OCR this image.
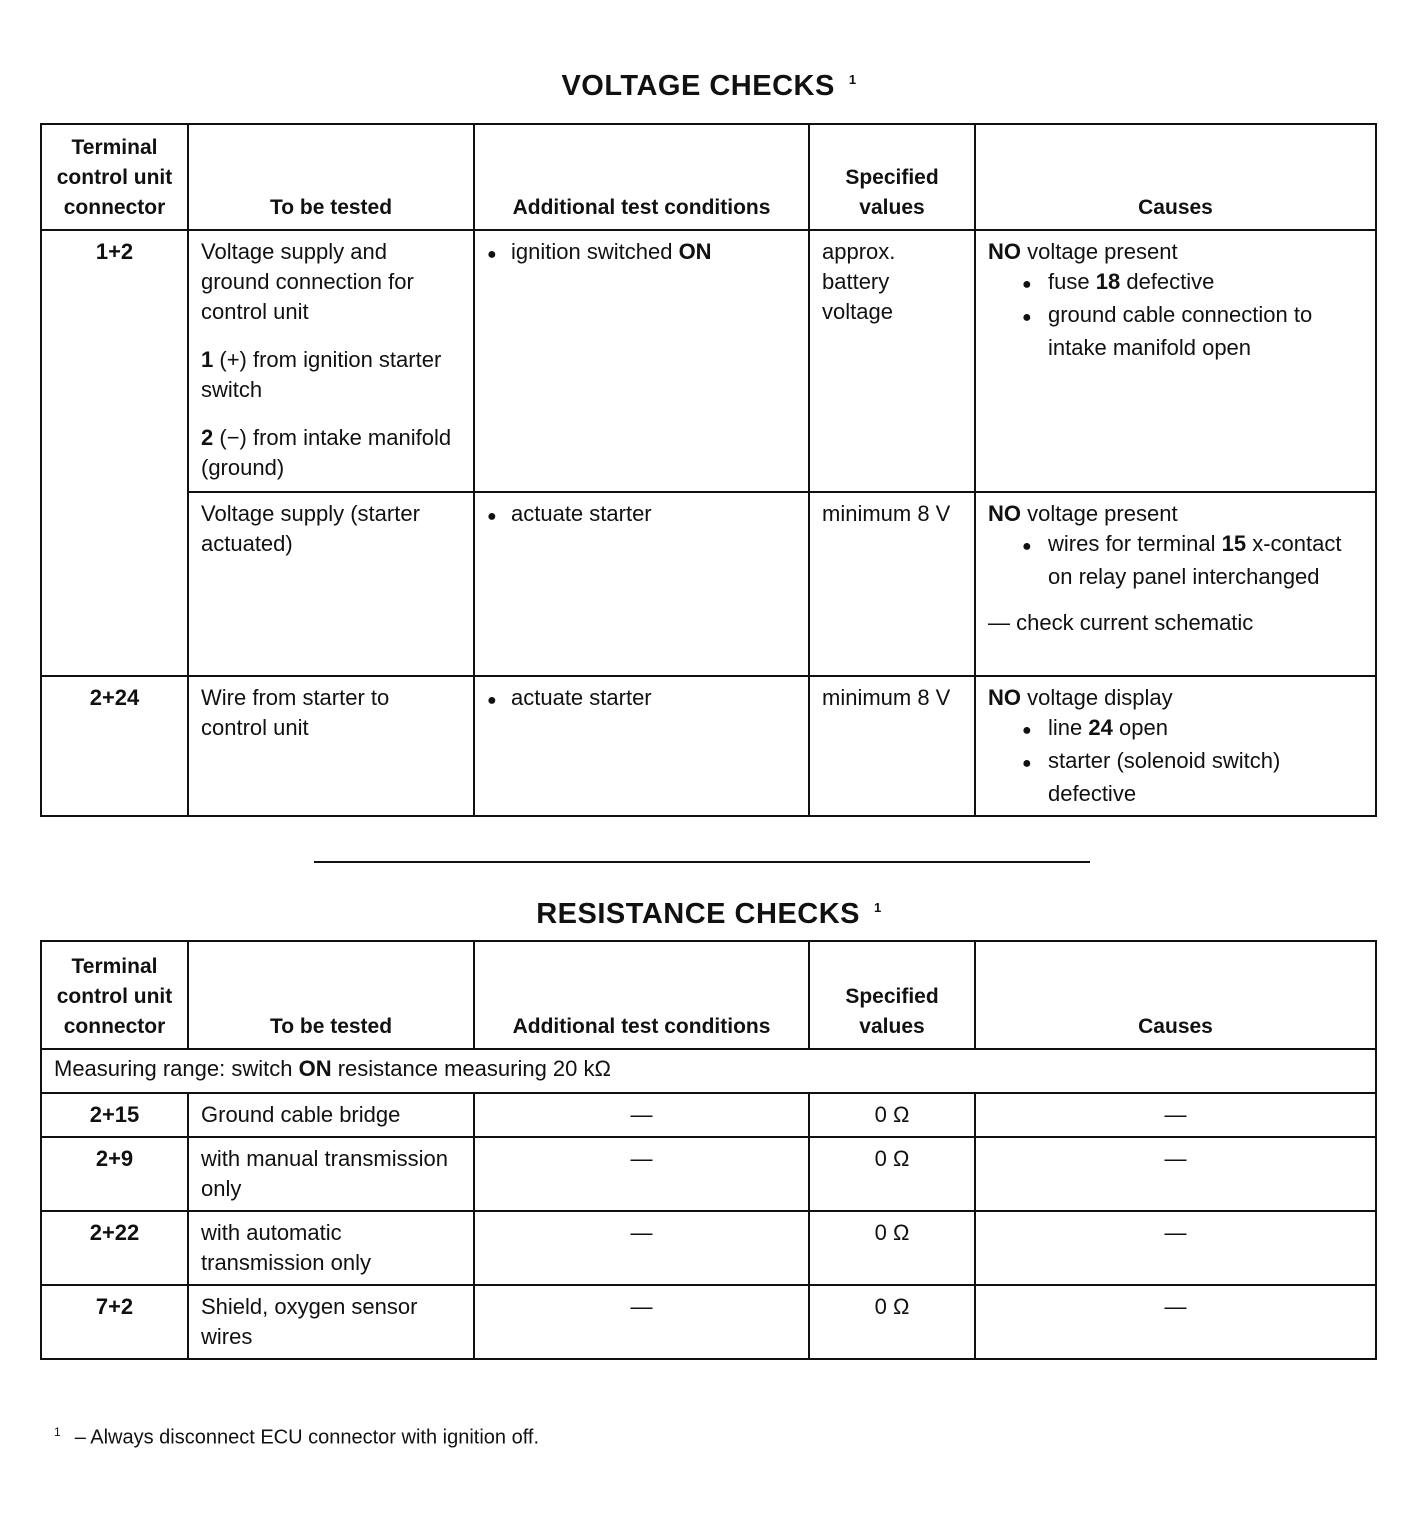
VOLTAGE CHECKS $^1$
Terminal control unit connector	To be tested	Additional test conditions	Specified values	Causes
1+2	Voltage supply and ground connection for control unit
1 (+) from ignition starter switch
2 (−) from intake manifold (ground)	● ignition switched ON	approx. battery voltage	NO voltage present
● fuse 18 defective
● ground cable connection to intake manifold open

	Voltage supply (starter actuated)	● actuate starter	minimum 8 V	NO voltage present
● wires for terminal 15 x-contact on relay panel interchanged
— check current schematic

2+24	Wire from starter to control unit	● actuate starter	minimum 8 V	NO voltage display
● line 24 open
● starter (solenoid switch) defective
RESISTANCE CHECKS $^1$
Terminal control unit connector	To be tested	Additional test conditions	Specified values	Causes
Measuring range: switch ON resistance measuring 20 kΩ				
2+15	Ground cable bridge	—	0 Ω	—
2+9	with manual transmission only	—	0 Ω	—
2+22	with automatic transmission only	—	0 Ω	—
7+2	Shield, oxygen sensor wires	—	0 Ω	—
$^1$ – Always disconnect ECU connector with ignition off.
